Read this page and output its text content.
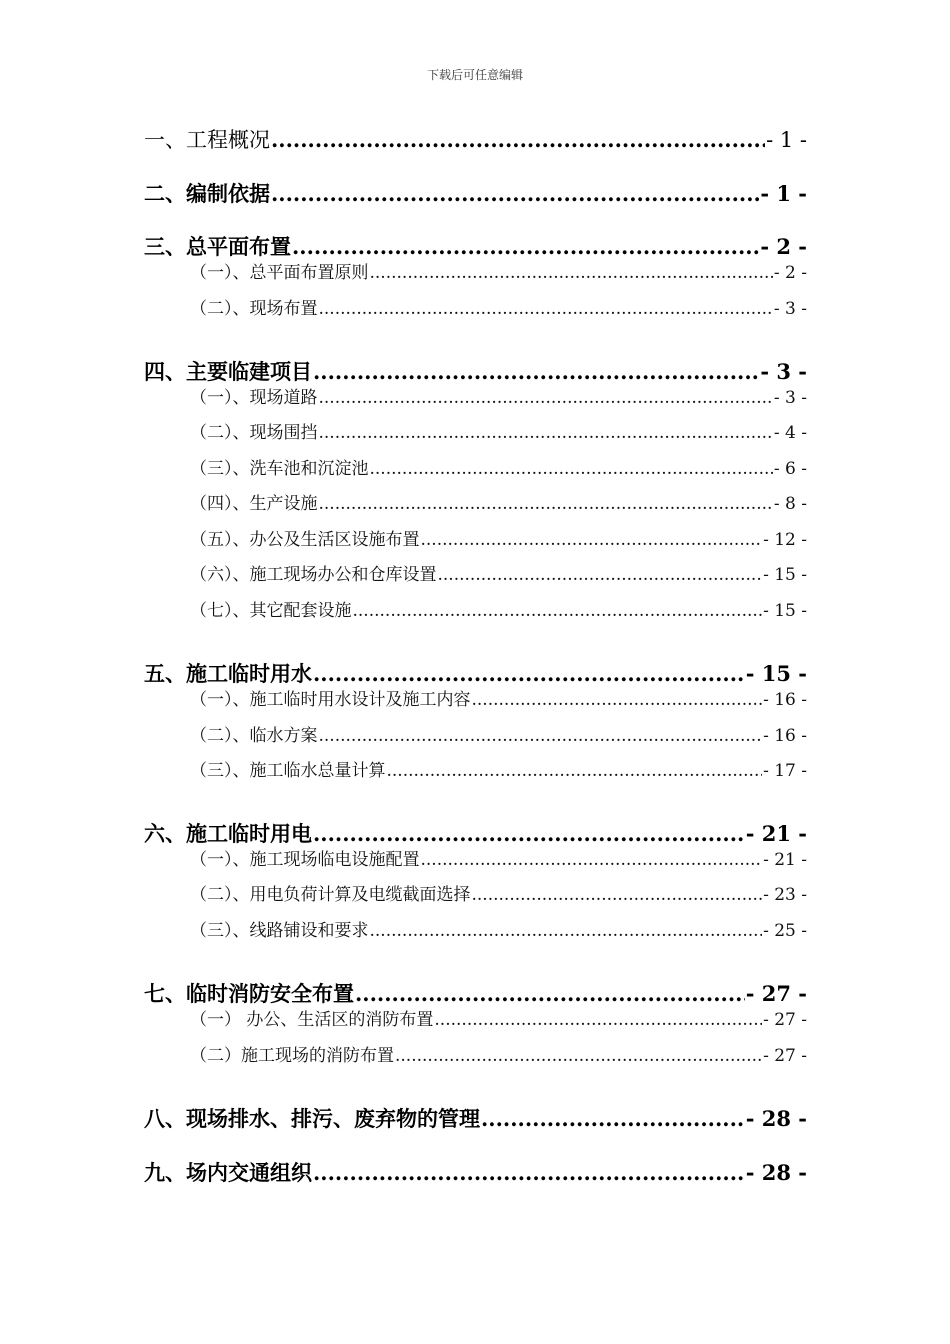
下载后可任意编辑
一、工程概况 .....	- 1 -
二、编制依据 .....	- 1 -
三、总平面布置 .....	- 2 -
（一）、总平面布置原则 .....	- 2 -
（二）、现场布置 .....	- 3 -
四、主要临建项目 .....	- 3 -
（一）、现场道路 .....	- 3 -
（二）、现场围挡 .....	- 4 -
（三）、洗车池和沉淀池 .....	- 6 -
（四）、生产设施 .....	- 8 -
（五）、办公及生活区设施布置 .....	- 12 -
（六）、施工现场办公和仓库设置 .....	- 15 -
（七）、其它配套设施 .....	- 15 -
五、施工临时用水 .....	- 15 -
（一）、施工临时用水设计及施工内容 .....	- 16 -
（二）、临水方案 .....	- 16 -
（三）、施工临水总量计算 .....	- 17 -
六、施工临时用电 .....	- 21 -
（一）、施工现场临电设施配置 .....	- 21 -
（二）、用电负荷计算及电缆截面选择 .....	- 23 -
（三）、线路铺设和要求 .....	- 25 -
七、临时消防安全布置 .....	- 27 -
（一） 办公、生活区的消防布置 .....	- 27 -
（二）施工现场的消防布置 .....	- 27 -
八、现场排水、排污、废弃物的管理 .....	- 28 -
九、场内交通组织 .....	- 28 -
